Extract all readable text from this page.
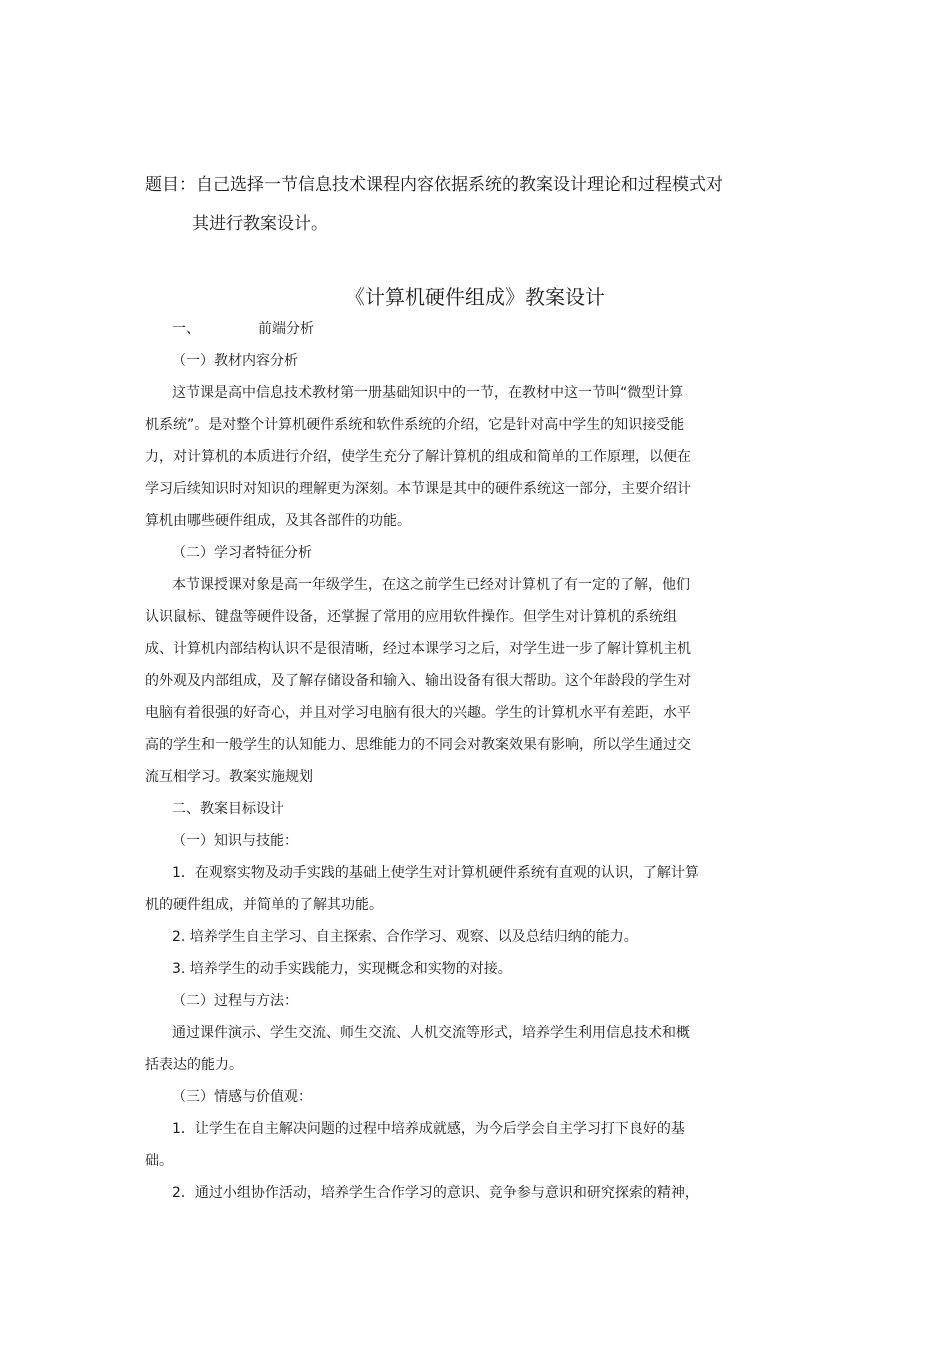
题目：自己选择一节信息技术课程内容依据系统的教案设计理论和过程模式对
其进行教案设计。
《计算机硬件组成》教案设计
一、	前端分析
（一）教材内容分析
这节课是高中信息技术教材第一册基础知识中的一节，在教材中这一节叫“微型计算
机系统”。是对整个计算机硬件系统和软件系统的介绍，它是针对高中学生的知识接受能
力，对计算机的本质进行介绍，使学生充分了解计算机的组成和简单的工作原理，以便在
学习后续知识时对知识的理解更为深刻。本节课是其中的硬件系统这一部分，主要介绍计
算机由哪些硬件组成，及其各部件的功能。
（二）学习者特征分析
本节课授课对象是高一年级学生，在这之前学生已经对计算机了有一定的了解，他们
认识鼠标、键盘等硬件设备，还掌握了常用的应用软件操作。但学生对计算机的系统组
成、计算机内部结构认识不是很清晰，经过本课学习之后，对学生进一步了解计算机主机
的外观及内部组成，及了解存储设备和输入、输出设备有很大帮助。这个年龄段的学生对
电脑有着很强的好奇心，并且对学习电脑有很大的兴趣。学生的计算机水平有差距，水平
高的学生和一般学生的认知能力、思维能力的不同会对教案效果有影响，所以学生通过交
流互相学习。教案实施规划
二、教案目标设计
（一）知识与技能：
1．在观察实物及动手实践的基础上使学生对计算机硬件系统有直观的认识，了解计算
机的硬件组成，并简单的了解其功能。
2. 培养学生自主学习、自主探索、合作学习、观察、以及总结归纳的能力。
3. 培养学生的动手实践能力，实现概念和实物的对接。
（二）过程与方法：
通过课件演示、学生交流、师生交流、人机交流等形式，培养学生利用信息技术和概
括表达的能力。
（三）情感与价值观：
1．让学生在自主解决问题的过程中培养成就感，为今后学会自主学习打下良好的基
础。
2．通过小组协作活动，培养学生合作学习的意识、竞争参与意识和研究探索的精神，
